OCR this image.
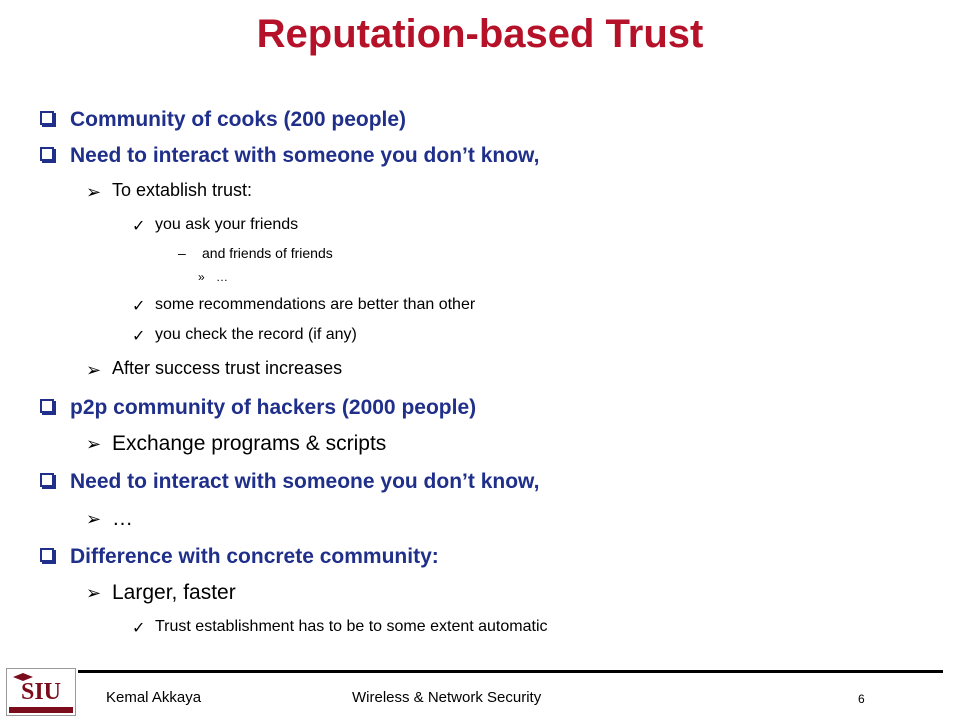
Reputation-based Trust
Community of cooks (200 people)
Need to interact with someone you don’t know,
➢ To extablish trust:
✓ you ask your friends
– and friends of friends
» …
✓ some recommendations are better than other
✓ you check the record (if any)
➢ After success trust increases
p2p community of hackers (2000 people)
➢ Exchange programs & scripts
Need to interact with someone you don’t know,
➢ …
Difference with concrete community:
➢ Larger, faster
✓ Trust establishment has to be to some extent automatic
SIU	Kemal Akkaya	Wireless & Network Security	6
